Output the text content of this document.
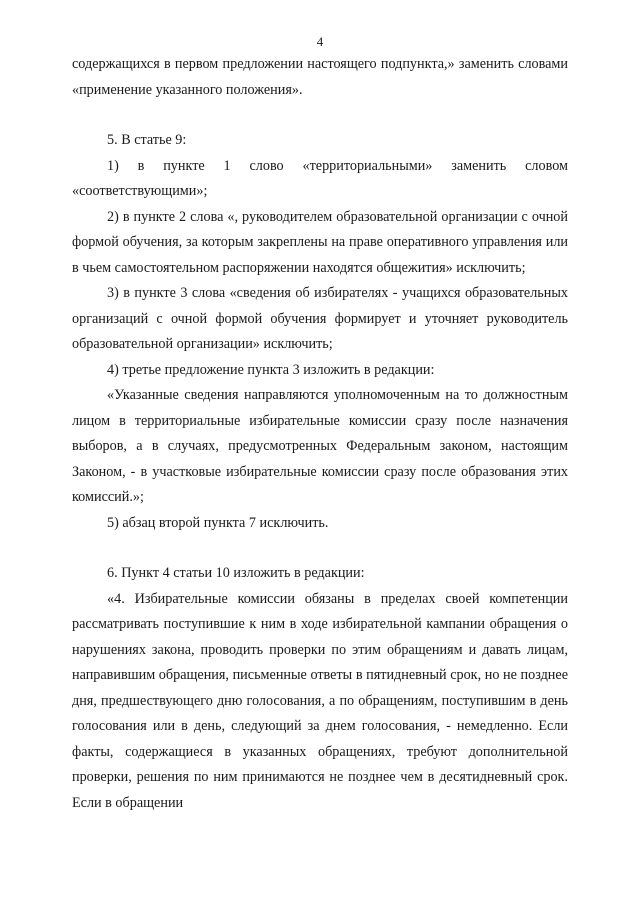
4

содержащихся в первом предложении настоящего подпункта,» заменить словами «применение указанного положения».

5. В статье 9:

1) в пункте 1 слово «территориальными» заменить словом «соответствующими»;

2) в пункте 2 слова «, руководителем образовательной организации с очной формой обучения, за которым закреплены на праве оперативного управления или в чьем самостоятельном распоряжении находятся общежития» исключить;

3) в пункте 3 слова «сведения об избирателях - учащихся образовательных организаций с очной формой обучения формирует и уточняет руководитель образовательной организации» исключить;

4) третье предложение пункта 3 изложить в редакции:

«Указанные сведения направляются уполномоченным на то должностным лицом в территориальные избирательные комиссии сразу после назначения выборов, а в случаях, предусмотренных Федеральным законом, настоящим Законом, - в участковые избирательные комиссии сразу после образования этих комиссий.»;

5) абзац второй пункта 7 исключить.

6. Пункт 4 статьи 10 изложить в редакции:

«4. Избирательные комиссии обязаны в пределах своей компетенции рассматривать поступившие к ним в ходе избирательной кампании обращения о нарушениях закона, проводить проверки по этим обращениям и давать лицам, направившим обращения, письменные ответы в пятидневный срок, но не позднее дня, предшествующего дню голосования, а по обращениям, поступившим в день голосования или в день, следующий за днем голосования, - немедленно. Если факты, содержащиеся в указанных обращениях, требуют дополнительной проверки, решения по ним принимаются не позднее чем в десятидневный срок. Если в обращении
